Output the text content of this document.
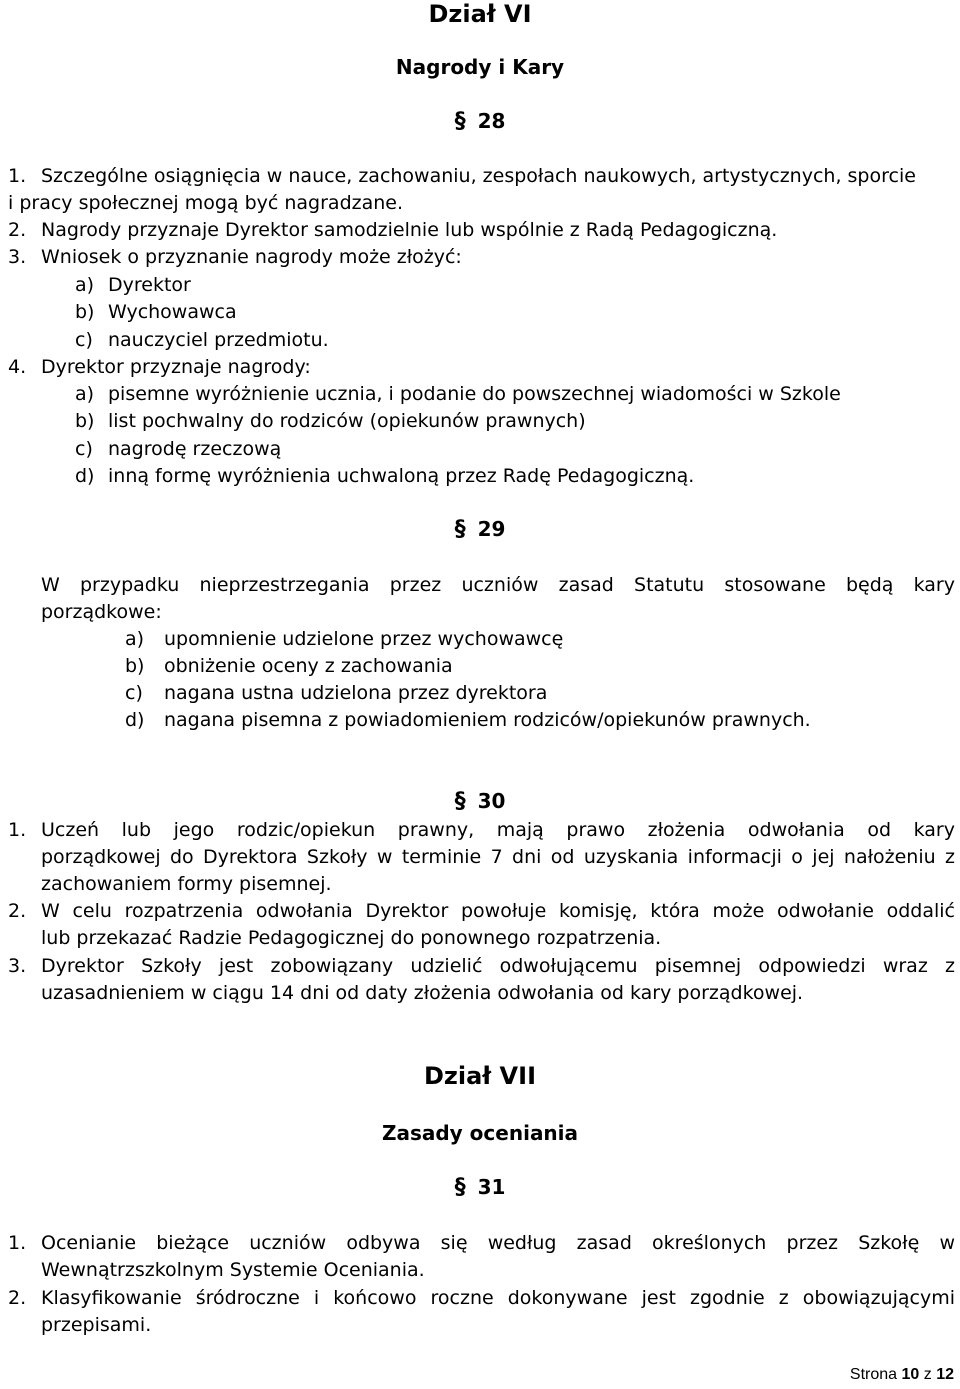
Dział VI
Nagrody i Kary
§ 28
1. Szczególne osiągnięcia w nauce, zachowaniu, zespołach naukowych, artystycznych, sporcie
i pracy społecznej mogą być nagradzane.
2. Nagrody przyznaje Dyrektor samodzielnie lub wspólnie z Radą Pedagogiczną.
3. Wniosek o przyznanie nagrody może złożyć:
a) Dyrektor
b) Wychowawca
c) nauczyciel przedmiotu.
4. Dyrektor przyznaje nagrody:
a) pisemne wyróżnienie ucznia, i podanie do powszechnej wiadomości w Szkole
b) list pochwalny do rodziców (opiekunów prawnych)
c) nagrodę rzeczową
d) inną formę wyróżnienia uchwaloną przez Radę Pedagogiczną.
§ 29
W przypadku nieprzestrzegania przez uczniów zasad Statutu stosowane będą kary
porządkowe:
a) upomnienie udzielone przez wychowawcę
b) obniżenie oceny z zachowania
c) nagana ustna udzielona przez dyrektora
d) nagana pisemna z powiadomieniem rodziców/opiekunów prawnych.
§ 30
1. Uczeń lub jego rodzic/opiekun prawny, mają prawo złożenia odwołania od kary
porządkowej do Dyrektora Szkoły w terminie 7 dni od uzyskania informacji o jej nałożeniu z
zachowaniem formy pisemnej.
2. W celu rozpatrzenia odwołania Dyrektor powołuje komisję, która może odwołanie oddalić
lub przekazać Radzie Pedagogicznej do ponownego rozpatrzenia.
3. Dyrektor Szkoły jest zobowiązany udzielić odwołującemu pisemnej odpowiedzi wraz z
uzasadnieniem w ciągu 14 dni od daty złożenia odwołania od kary porządkowej.
Dział VII
Zasady oceniania
§ 31
1. Ocenianie bieżące uczniów odbywa się według zasad określonych przez Szkołę w
Wewnątrzszkolnym Systemie Oceniania.
2. Klasyfikowanie śródroczne i końcowo roczne dokonywane jest zgodnie z obowiązującymi
przepisami.
Strona 10 z 12
